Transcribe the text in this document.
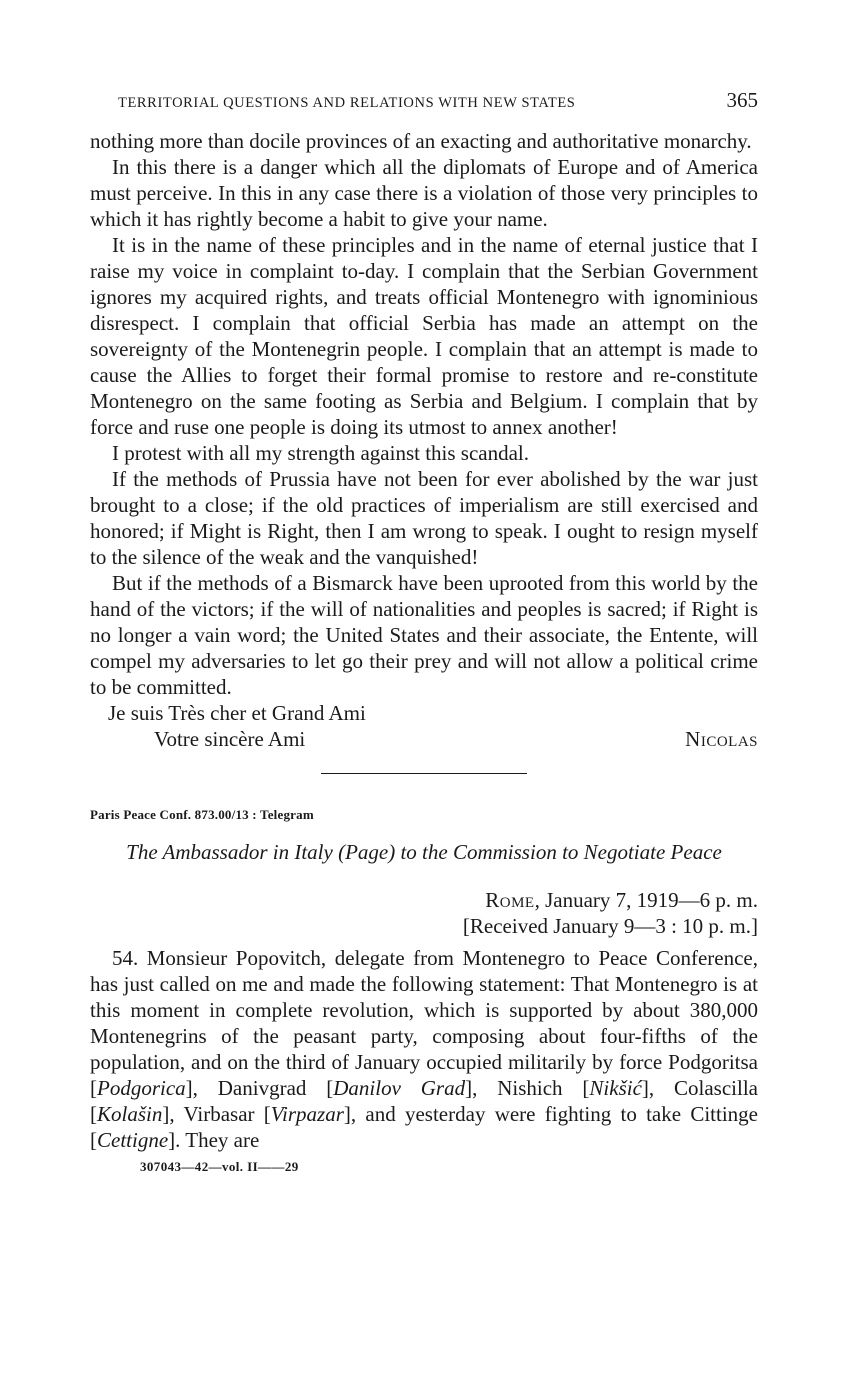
TERRITORIAL QUESTIONS AND RELATIONS WITH NEW STATES	365

nothing more than docile provinces of an exacting and authoritative monarchy.

In this there is a danger which all the diplomats of Europe and of America must perceive. In this in any case there is a violation of those very principles to which it has rightly become a habit to give your name.

It is in the name of these principles and in the name of eternal justice that I raise my voice in complaint to-day. I complain that the Serbian Government ignores my acquired rights, and treats official Montenegro with ignominious disrespect. I complain that official Serbia has made an attempt on the sovereignty of the Montenegrin people. I complain that an attempt is made to cause the Allies to forget their formal promise to restore and re-constitute Montenegro on the same footing as Serbia and Belgium. I complain that by force and ruse one people is doing its utmost to annex another!

I protest with all my strength against this scandal.

If the methods of Prussia have not been for ever abolished by the war just brought to a close; if the old practices of imperialism are still exercised and honored; if Might is Right, then I am wrong to speak. I ought to resign myself to the silence of the weak and the vanquished!

But if the methods of a Bismarck have been uprooted from this world by the hand of the victors; if the will of nationalities and peoples is sacred; if Right is no longer a vain word; the United States and their associate, the Entente, will compel my adversaries to let go their prey and will not allow a political crime to be committed.

Je suis Très cher et Grand Ami

Votre sincère Ami	Nicolas

Paris Peace Conf. 873.00/13 : Telegram

The Ambassador in Italy (Page) to the Commission to Negotiate Peace

Rome, January 7, 1919—6 p. m.

[Received January 9—3 : 10 p. m.]

54. Monsieur Popovitch, delegate from Montenegro to Peace Conference, has just called on me and made the following statement: That Montenegro is at this moment in complete revolution, which is supported by about 380,000 Montenegrins of the peasant party, composing about four-fifths of the population, and on the third of January occupied militarily by force Podgoritsa [Podgorica], Danivgrad [Danilov Grad], Nishich [Nikšić], Colascilla [Kolašin], Virbasar [Virpazar], and yesterday were fighting to take Cittinge [Cettigne]. They are

307043—42—vol. II——29
